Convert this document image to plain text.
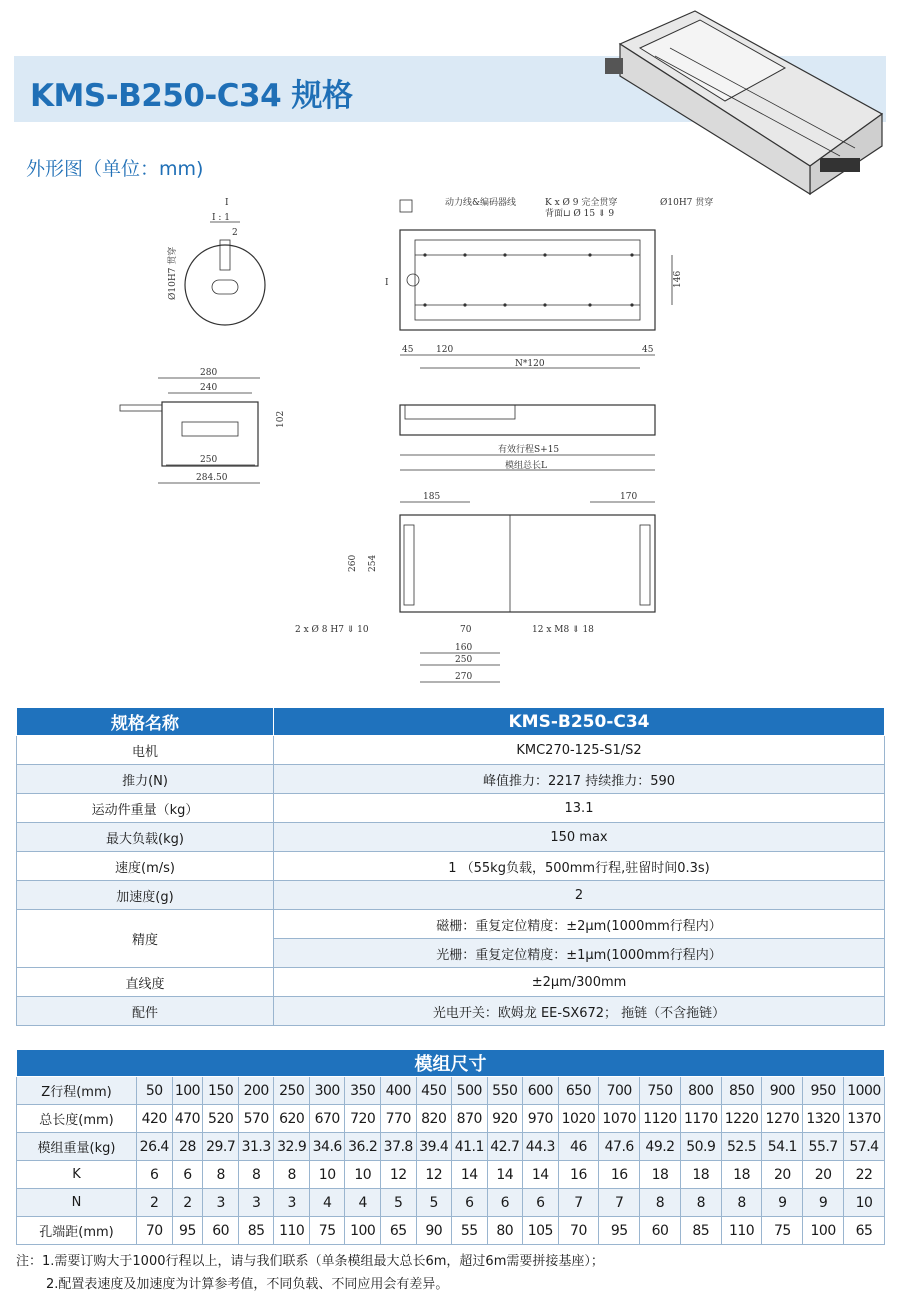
KMS-B250-C34 规格
外形图（单位：mm)
I
I : 1
2
Ø10H7 贯穿
动力线&编码器线	K x Ø 9 完全贯穿
背面⊔ Ø 15 ⇓ 9
Ø10H7 贯穿
I	146
45	120	45
N*120
280
240
102
250
284.50
有效行程S+15
模组总长L
185	170
260 254
2 x Ø 8 H7 ⇓ 10	70	12 x M8 ⇓ 18
160
250
270
规格名称	KMS-B250-C34
电机	KMC270-125-S1/S2
推力(N)	峰值推力：2217 持续推力：590
运动件重量（kg）	13.1
最大负载(kg)	150 max
速度(m/s)	1 （55kg负载，500mm行程,驻留时间0.3s)
加速度(g)	2
精度	磁栅：重复定位精度：±2μm(1000mm行程内）
	光栅：重复定位精度：±1μm(1000mm行程内）
直线度	±2μm/300mm
配件	光电开关：欧姆龙 EE-SX672； 拖链（不含拖链）
模组尺寸																				
Z行程(mm)	50	100	150	200	250	300	350	400	450	500	550	600	650	700	750	800	850	900	950	1000
总长度(mm)	420	470	520	570	620	670	720	770	820	870	920	970	1020	1070	1120	1170	1220	1270	1320	1370
模组重量(kg)	26.4	28	29.7	31.3	32.9	34.6	36.2	37.8	39.4	41.1	42.7	44.3	46	47.6	49.2	50.9	52.5	54.1	55.7	57.4
K	6	6	8	8	8	10	10	12	12	14	14	14	16	16	18	18	18	20	20	22
N	2	2	3	3	3	4	4	5	5	6	6	6	7	7	8	8	8	9	9	10
孔端距(mm)	70	95	60	85	110	75	100	65	90	55	80	105	70	95	60	85	110	75	100	65
注：1.需要订购大于1000行程以上，请与我们联系（单条模组最大总长6m，超过6m需要拼接基座）；
2.配置表速度及加速度为计算参考值，不同负载、不同应用会有差异。
